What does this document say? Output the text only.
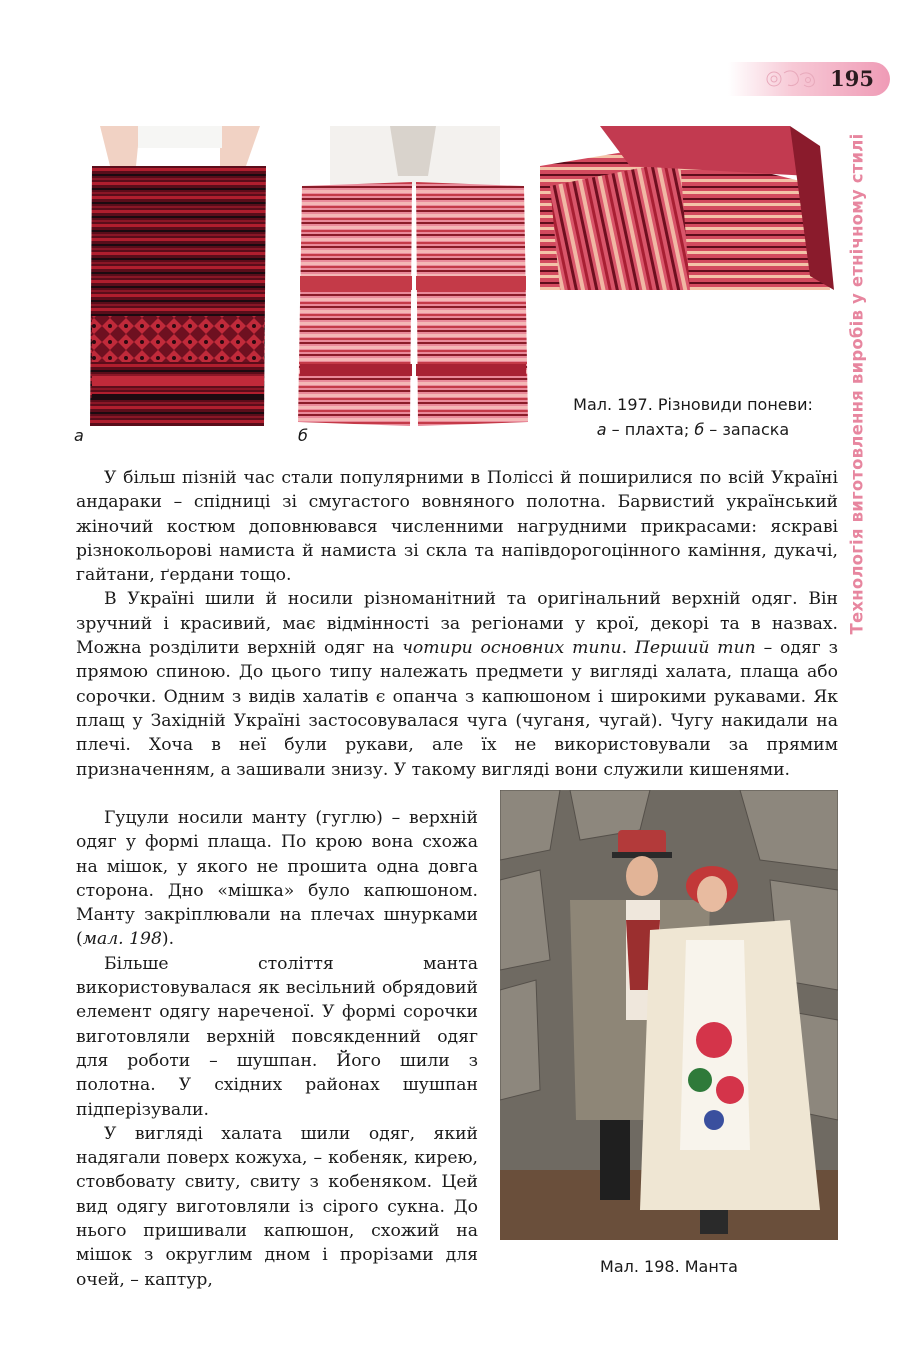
195
Технологія виготовлення виробів у етнічному стилі
а	б
Мал. 197. Різновиди поневи:
а – плахта; б – запаска

У більш пізній час стали популярними в Поліссі й поширилися по всій Україні андараки – спідниці зі смугастого вовняного полотна. Барвистий український жіночий костюм доповнювався численними нагрудними прикрасами: яскраві різнокольорові намиста й намиста зі скла та напівдорогоцінного каміння, дукачі, гайтани, ґердани тощо.

В Україні шили й носили різноманітний та оригінальний верхній одяг. Він зручний і красивий, має відмінності за регіонами у крої, декорі та в назвах. Можна розділити верхній одяг на чотири основних типи. Перший тип – одяг з прямою спиною. До цього типу належать предмети у вигляді халата, плаща або сорочки. Одним з видів халатів є опанча з капюшоном і широкими рукавами. Як плащ у Західній Україні застосовувалася чуга (чуганя, чугай). Чугу накидали на плечі. Хоча в неї були рукави, але їх не використовували за прямим призначенням, а зашивали знизу. У такому вигляді вони служили кишенями.

Гуцули носили манту (гуглю) – верхній одяг у формі плаща. По крою вона схожа на мішок, у якого не прошита одна довга сторона. Дно «мішка» було капюшоном. Манту закріплювали на плечах шнурками (мал. 198).

Більше століття манта використовувалася як весільний обрядовий елемент одягу нареченої. У формі сорочки виготовляли верхній повсякденний одяг для роботи – шушпан. Його шили з полотна. У східних районах шушпан підперізували.

У вигляді халата шили одяг, який надягали поверх кожуха, – кобеняк, кирею, стовбовату свиту, свиту з кобеняком. Цей вид одягу виготовляли із сірого сукна. До нього пришивали капюшон, схожий на мішок з округлим дном і прорізами для очей, – каптур,

Мал. 198. Манта
